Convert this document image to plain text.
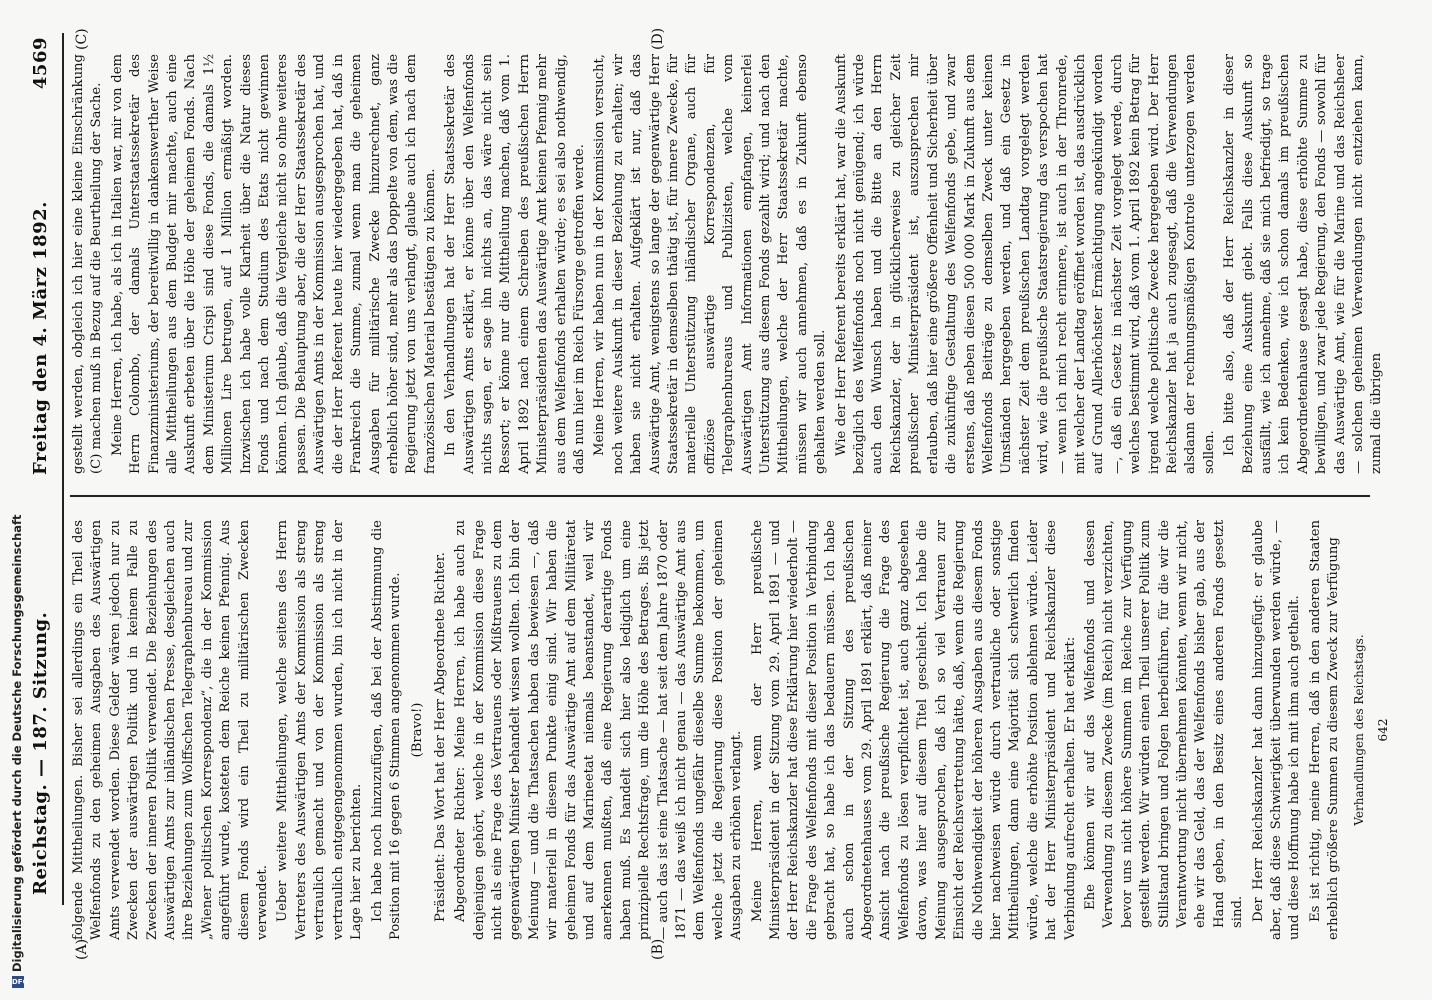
Reichstag. — 187. Sitzung.
Freitag den 4. März 1892.
4569
(A)	(B)
(C)	(D)

folgende Mittheilungen. Bisher sei allerdings ein Theil des Welfenfonds zu den geheimen Ausgaben des Auswärtigen Amts verwendet worden. Diese Gelder wären jedoch nur zu Zwecken der auswärtigen Politik und in keinem Falle zu Zwecken der inneren Politik verwendet. Die Beziehungen des Auswärtigen Amts zur inländischen Presse, desgleichen auch ihre Beziehungen zum Wolffschen Telegraphenbureau und zur „Wiener politischen Korrespondenz“, die in der Kommission angeführt wurde, kosteten dem Reiche keinen Pfennig. Aus diesem Fonds wird ein Theil zu militärischen Zwecken verwendet. Ueber weitere Mittheilungen, welche seitens des Herrn Vertreters des Auswärtigen Amts der Kommission als streng vertraulich gemacht und von der Kommission als streng vertraulich entgegengenommen wurden, bin ich nicht in der Lage hier zu berichten. Ich habe noch hinzuzufügen, daß bei der Abstimmung die Position mit 16 gegen 6 Stimmen angenommen wurde. (Bravo!) Präsident: Das Wort hat der Herr Abgeordnete Richter. Abgeordneter Richter: Meine Herren, ich habe auch zu denjenigen gehört, welche in der Kommission diese Frage nicht als eine Frage des Vertrauens oder Mißtrauens zu dem gegenwärtigen Minister behandelt wissen wollten. Ich bin der Meinung — und die Thatsachen haben das bewiesen —, daß wir materiell in diesem Punkte einig sind. Wir haben die geheimen Fonds für das Auswärtige Amt auf dem Militäretat und auf dem Marineetat niemals beanstandet, weil wir anerkennen mußten, daß eine Regierung derartige Fonds haben muß. Es handelt sich hier also lediglich um eine prinzipielle Rechtsfrage, um die Höhe des Betrages. Bis jetzt — auch das ist eine Thatsache — hat seit dem Jahre 1870 oder 1871 — das weiß ich nicht genau — das Auswärtige Amt aus dem Welfenfonds ungefähr dieselbe Summe bekommen, um welche jetzt die Regierung diese Position der geheimen Ausgaben zu erhöhen verlangt. Meine Herren, wenn der Herr preußische Ministerpräsident in der Sitzung vom 29. April 1891 — und der Herr Reichskanzler hat diese Erklärung hier wiederholt — die Frage des Welfenfonds mit dieser Position in Verbindung gebracht hat, so habe ich das bedauern müssen. Ich habe auch schon in der Sitzung des preußischen Abgeordnetenhauses vom 29. April 1891 erklärt, daß meiner Ansicht nach die preußische Regierung die Frage des Welfenfonds zu lösen verpflichtet ist, auch ganz abgesehen davon, was hier auf diesem Titel geschieht. Ich habe die Meinung ausgesprochen, daß ich so viel Vertrauen zur Einsicht der Reichsvertretung hätte, daß, wenn die Regierung die Nothwendigkeit der höheren Ausgaben aus diesem Fonds hier nachweisen würde durch vertrauliche oder sonstige Mittheilungen, dann eine Majorität sich schwerlich finden würde, welche die erhöhte Position ablehnen würde. Leider hat der Herr Ministerpräsident und Reichskanzler diese Verbindung aufrecht erhalten. Er hat erklärt: Ehe können wir auf das Welfenfonds und dessen Verwendung zu diesem Zwecke (im Reich) nicht verzichten, bevor uns nicht höhere Summen im Reiche zur Verfügung gestellt werden. Wir würden einen Theil unserer Politik zum Stillstand bringen und Folgen herbeiführen, für die wir die Verantwortung nicht übernehmen könnten, wenn wir nicht, ehe wir das Geld, das der Welfenfonds bisher gab, aus der Hand geben, in den Besitz eines anderen Fonds gesetzt sind. Der Herr Reichskanzler hat dann hinzugefügt: er glaube aber, daß diese Schwierigkeit überwunden werden würde, — und diese Hoffnung habe ich mit ihm auch getheilt. Es ist richtig, meine Herren, daß in den anderen Staaten erheblich größere Summen zu diesem Zweck zur Verfügung Verhandlungen des Reichstags. 642

gestellt werden, obgleich ich hier eine kleine Einschränkung (C) machen muß in Bezug auf die Beurtheilung der Sache. Meine Herren, ich habe, als ich in Italien war, mir von dem Herrn Colombo, der damals Unterstaatssekretär des Finanzministeriums, der bereitwillig in dankenswerther Weise alle Mittheilungen aus dem Budget mir machte, auch eine Auskunft erbeten über die Höhe der geheimen Fonds. Nach dem Ministerium Crispi sind diese Fonds, die damals 1½ Millionen Lire betrugen, auf 1 Million ermäßigt worden. Inzwischen ich habe volle Klarheit über die Natur dieses Fonds und nach dem Studium des Etats nicht gewinnen können. Ich glaube, daß die Vergleiche nicht so ohne weiteres passen. Die Behauptung aber, die der Herr Staatssekretär des Auswärtigen Amts in der Kommission ausgesprochen hat, und die der Herr Referent heute hier wiedergegeben hat, daß in Frankreich die Summe, zumal wenn man die geheimen Ausgaben für militärische Zwecke hinzurechnet, ganz erheblich höher sind, mehr als das Doppelte von dem, was die Regierung jetzt von uns verlangt, glaube auch ich nach dem französischen Material bestätigen zu können. In den Verhandlungen hat der Herr Staatssekretär des Auswärtigen Amts erklärt, er könne über den Welfenfonds nichts sagen, er sage ihn nichts an, das wäre nicht sein Ressort; er könne nur die Mittheilung machen, daß vom 1. April 1892 nach einem Schreiben des preußischen Herrn Ministerpräsidenten das Auswärtige Amt keinen Pfennig mehr aus dem Welfenfonds erhalten würde; es sei also nothwendig, daß nun hier im Reich Fürsorge getroffen werde. Meine Herren, wir haben nun in der Kommission versucht, noch weitere Auskunft in dieser Beziehung zu erhalten; wir haben sie nicht erhalten. Aufgeklärt ist nur, daß das Auswärtige Amt, wenigstens so lange der gegenwärtige Herr Staatssekretär in demselben thätig ist, für innere Zwecke, für materielle Unterstützung inländischer Organe, auch für offiziöse auswärtige Korrespondenzen, für Telegraphenbureaus und Publizisten, welche vom Auswärtigen Amt Informationen empfangen, keinerlei Unterstützung aus diesem Fonds gezahlt wird; und nach den Mittheilungen, welche der Herr Staatssekretär machte, müssen wir auch annehmen, daß es in Zukunft ebenso gehalten werden soll. Wie der Herr Referent bereits erklärt hat, war die Auskunft bezüglich des Welfenfonds noch nicht genügend; ich würde auch den Wunsch haben und die Bitte an den Herrn Reichskanzler, der in glücklicherweise zu gleicher Zeit preußischer Ministerpräsident ist, auszusprechen mir erlauben, daß hier eine größere Offenheit und Sicherheit über die zukünftige Gestaltung des Welfenfonds gebe, und zwar erstens, daß neben diesen 500 000 Mark in Zukunft aus dem Welfenfonds Beiträge zu demselben Zweck unter keinen Umständen hergegeben werden, und daß ein Gesetz in nächster Zeit dem preußischen Landtag vorgelegt werden wird, wie die preußische Staatsregierung das verspochen hat — wenn ich mich recht erinnere, ist auch in der Thronrede, mit welcher der Landtag eröffnet worden ist, das ausdrücklich auf Grund Allerhöchster Ermächtigung angekündigt worden —, daß ein Gesetz in nächster Zeit vorgelegt werde, durch welches bestimmt wird, daß vom 1. April 1892 kein Betrag für irgend welche politische Zwecke hergegeben wird. Der Herr Reichskanzler hat ja auch zugesagt, daß die Verwendungen alsdann der rechnungsmäßigen Kontrole unterzogen werden sollen. Ich bitte also, daß der Herr Reichskanzler in dieser Beziehung eine Auskunft giebt. Falls diese Auskunft so ausfällt, wie ich annehme, daß sie mich befriedigt, so trage ich kein Bedenken, wie ich schon damals im preußischen Abgeordnetenhause gesagt habe, diese erhöhte Summe zu bewilligen, und zwar jede Regierung, den Fonds — sowohl für das Auswärtige Amt, wie für die Marine und das Reichsheer — solchen geheimen Verwendungen nicht entziehen kann, zumal die übrigen

DFGDigitalisierung gefördert durch die Deutsche Forschungsgemeinschaft
